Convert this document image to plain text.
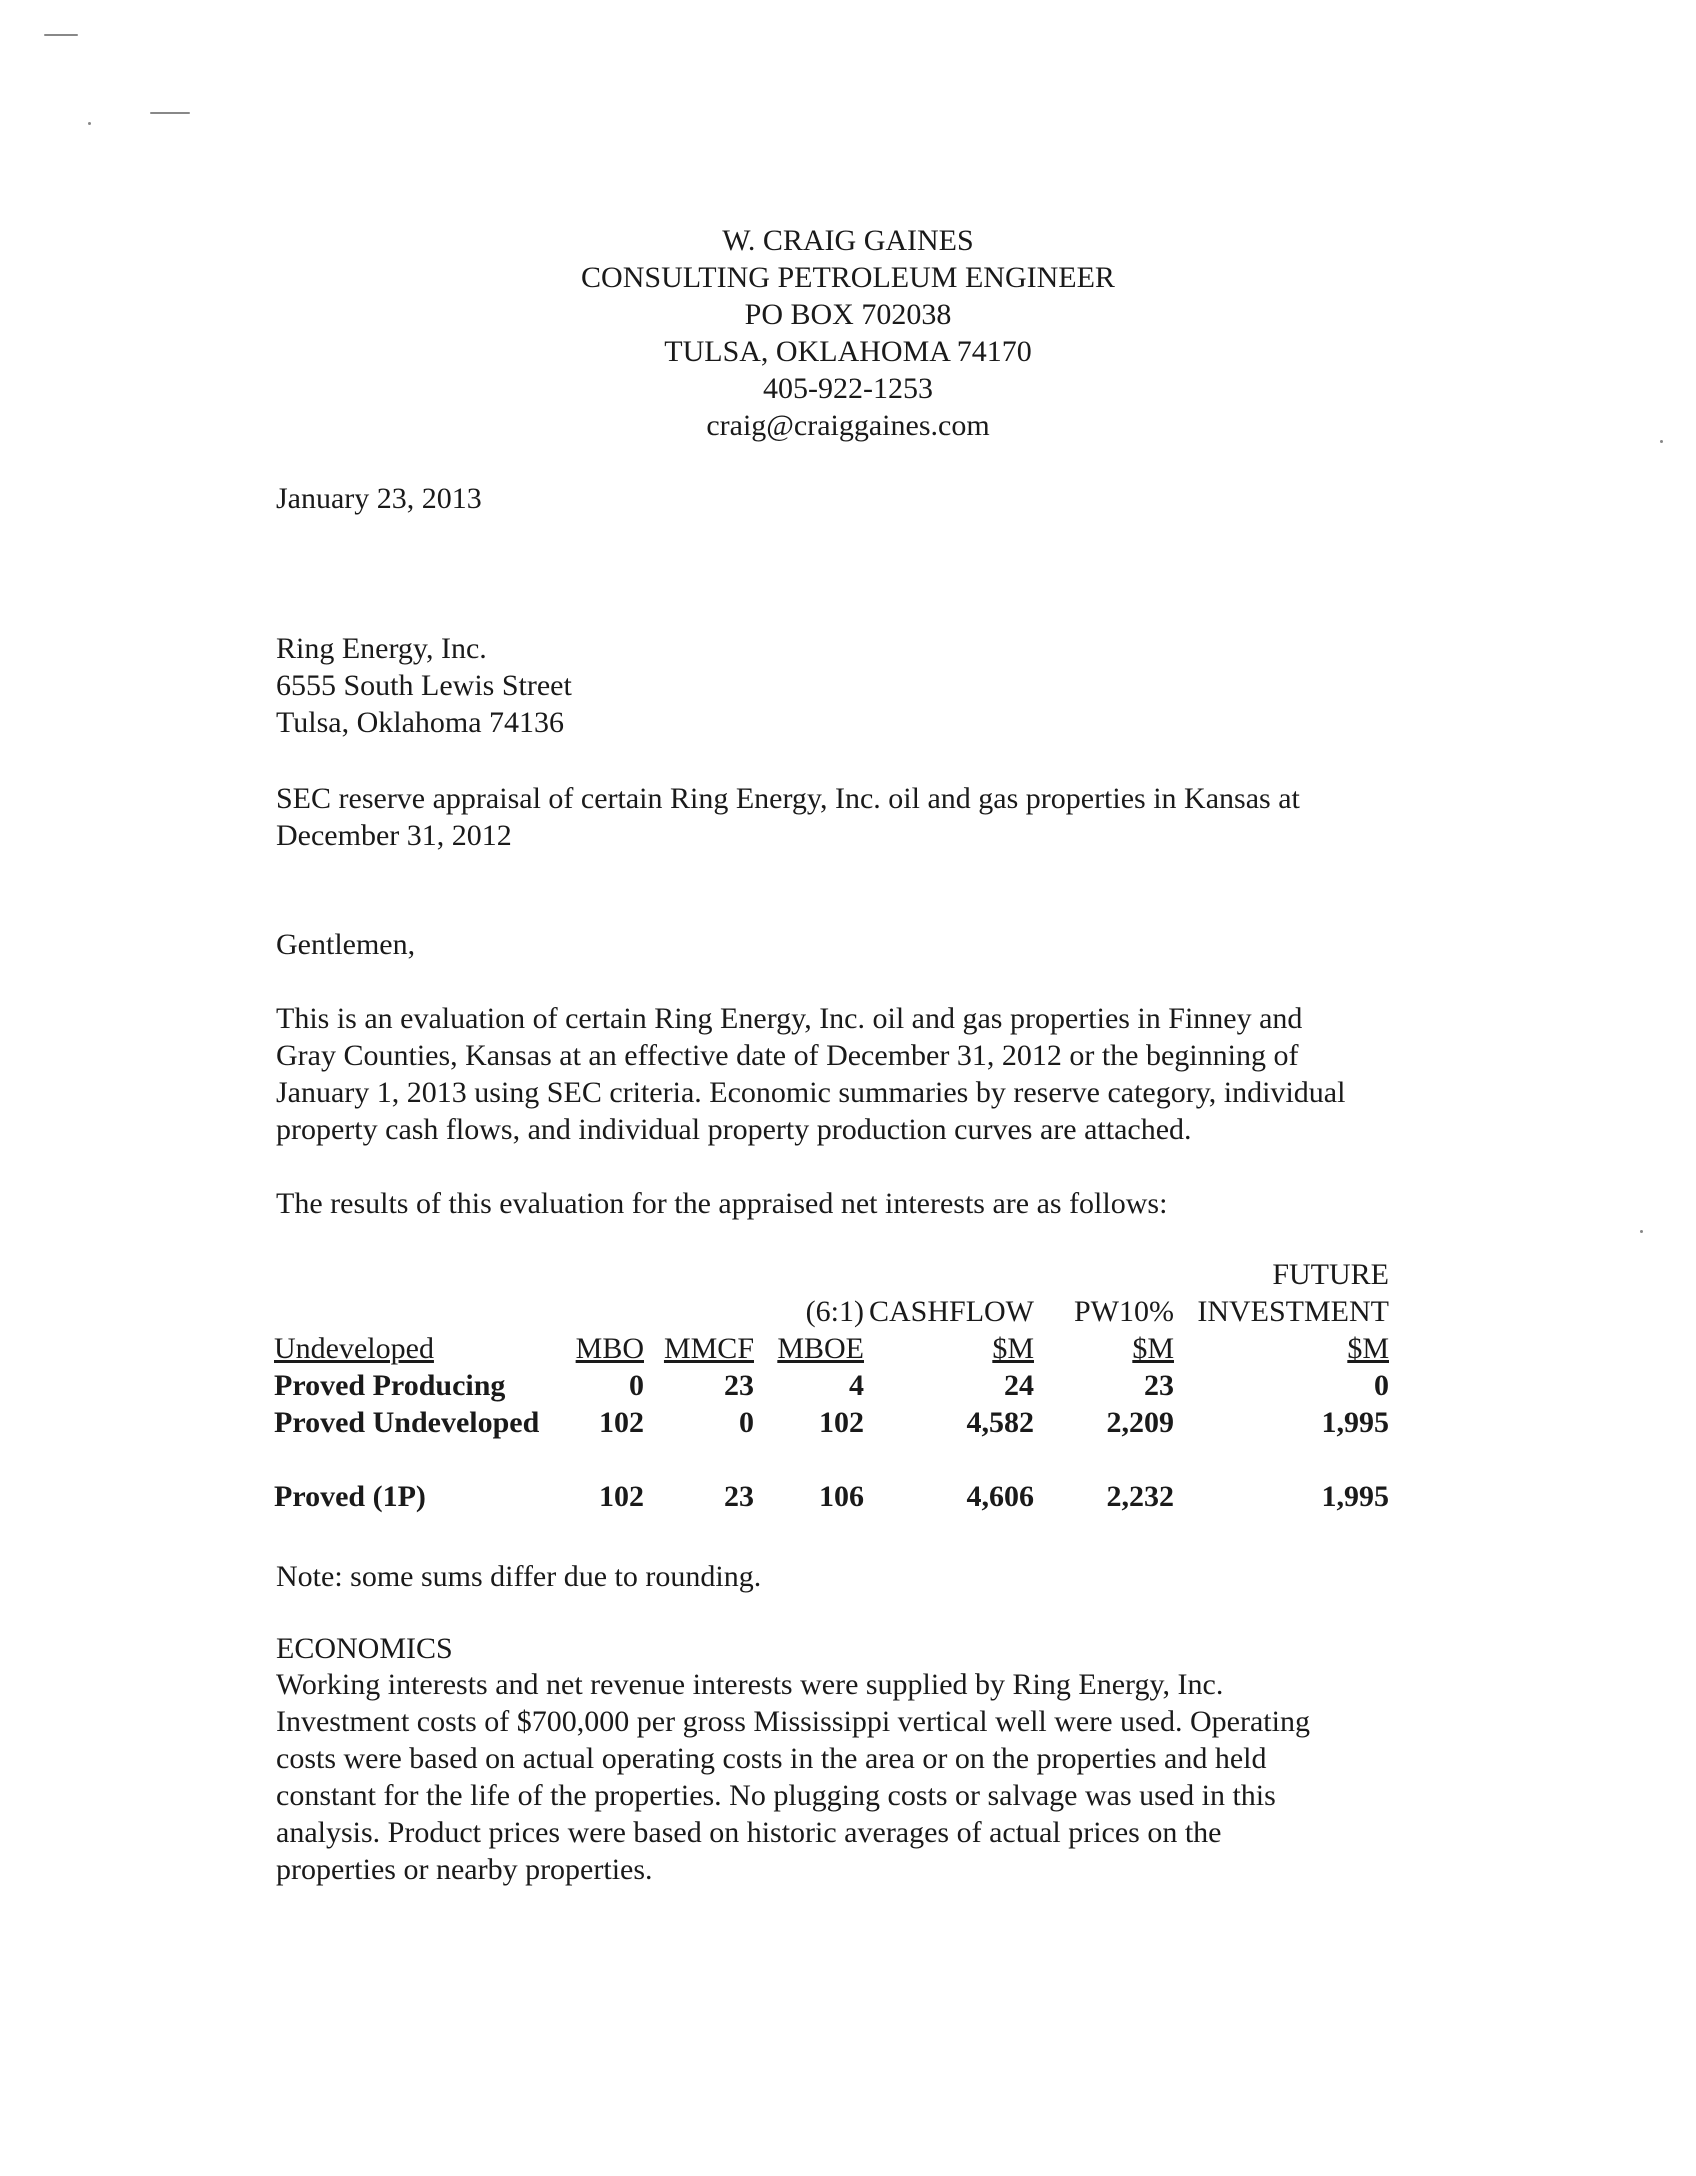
W. CRAIG GAINES
CONSULTING PETROLEUM ENGINEER
PO BOX 702038
TULSA, OKLAHOMA 74170
405-922-1253
craig@craiggaines.com
January 23, 2013
Ring Energy, Inc.
6555 South Lewis Street
Tulsa, Oklahoma 74136
SEC reserve appraisal of certain Ring Energy, Inc. oil and gas properties in Kansas at
December 31, 2012
Gentlemen,
This is an evaluation of certain Ring Energy, Inc. oil and gas properties in Finney and
Gray Counties, Kansas at an effective date of December 31, 2012 or the beginning of
January 1, 2013 using SEC criteria. Economic summaries by reserve category, individual
property cash flows, and individual property production curves are attached.
The results of this evaluation for the appraised net interests are as follows:
						FUTURE
			(6:1)	CASHFLOW	PW10%	INVESTMENT
Undeveloped	MBO	MMCF	MBOE	$M	$M	$M
Proved Producing	0	23	4	24	23	0
Proved Undeveloped	102	0	102	4,582	2,209	1,995

Proved (1P)	102	23	106	4,606	2,232	1,995
Note: some sums differ due to rounding.
ECONOMICS
Working interests and net revenue interests were supplied by Ring Energy, Inc.
Investment costs of $700,000 per gross Mississippi vertical well were used. Operating
costs were based on actual operating costs in the area or on the properties and held
constant for the life of the properties. No plugging costs or salvage was used in this
analysis. Product prices were based on historic averages of actual prices on the
properties or nearby properties.
